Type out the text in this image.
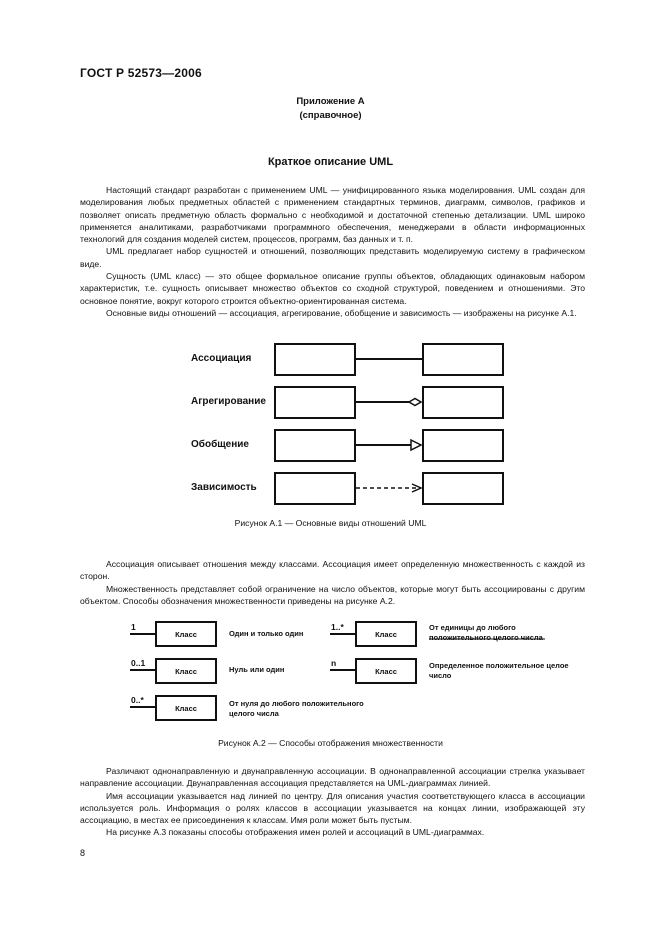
ГОСТ Р 52573—2006
Приложение А
(справочное)
Краткое описание UML

Настоящий стандарт разработан с применением UML — унифицированного языка моделирования. UML создан для моделирования любых предметных областей с применением стандартных терминов, диаграмм, символов, графиков и позволяет описать предметную область формально с необходимой и достаточной степенью детализации. UML широко применяется аналитиками, разработчиками программного обеспечения, менеджерами в области информационных технологий для создания моделей систем, процессов, программ, баз данных и т. п.

UML предлагает набор сущностей и отношений, позволяющих представить моделируемую систему в графическом виде.

Сущность (UML класс) — это общее формальное описание группы объектов, обладающих одинаковым набором характеристик, т.е. сущность описывает множество объектов со сходной структурой, поведением и отношениями. Это основное понятие, вокруг которого строится объектно-ориентированная система.

Основные виды отношений — ассоциация, агрегирование, обобщение и зависимость — изображены на рисунке А.1.

Ассоциация
Агрегирование
Обобщение
Зависимость
Рисунок А.1 — Основные виды отношений UML

Ассоциация описывает отношения между классами. Ассоциация имеет определенную множественность с каждой из сторон.

Множественность представляет собой ограничение на число объектов, которые могут быть ассоциированы с другим объектом. Способы обозначения множественности приведены на рисунке А.2.

1
0..1
0..*
1..*
n
Класс
Класс
Класс
Класс
Класс
Один и только один
Нуль или один
От нуля до любого положительного целого числа
От единицы до любого положительного целого числа
Определенное положительное целое число
Рисунок А.2 — Способы отображения множественности

Различают однонаправленную и двунаправленную ассоциации. В однонаправленной ассоциации стрелка указывает направление ассоциации. Двунаправленная ассоциация представляется на UML-диаграммах линией.

Имя ассоциации указывается над линией по центру. Для описания участия соответствующего класса в ассоциации используется роль. Информация о ролях классов в ассоциации указывается на концах линии, изображающей эту ассоциацию, в местах ее присоединения к классам. Имя роли может быть пустым.

На рисунке А.3 показаны способы отображения имен ролей и ассоциаций в UML-диаграммах.

8
